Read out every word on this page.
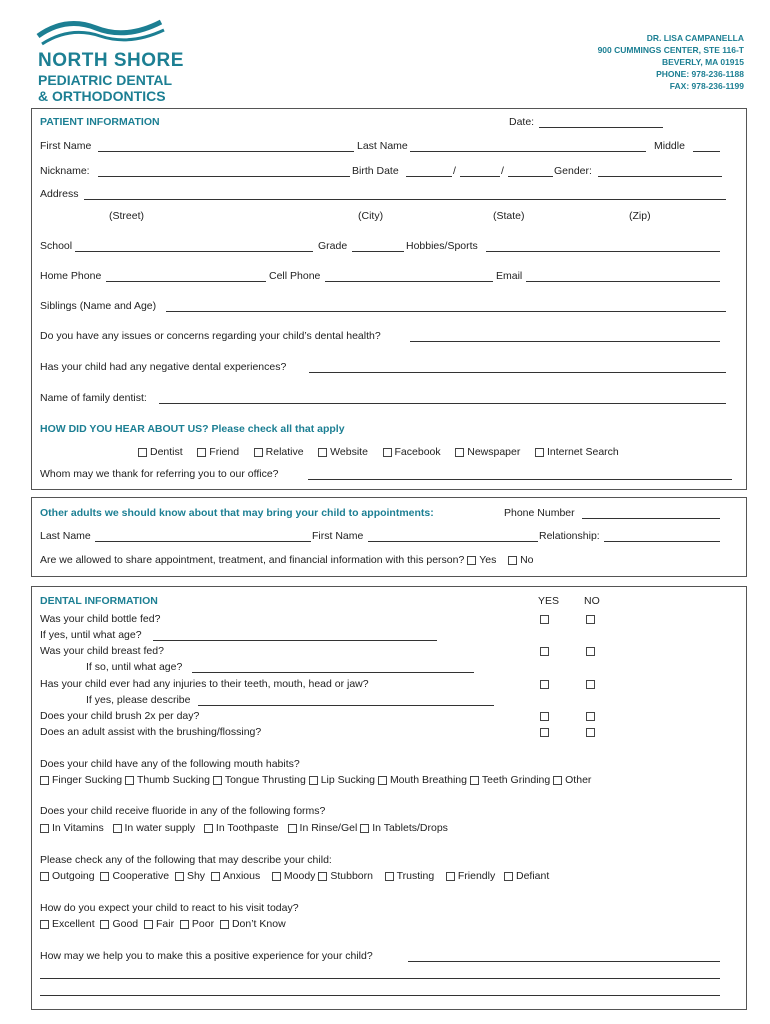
NORTH SHORE
PEDIATRIC DENTAL
& ORTHODONTICS
DR. LISA CAMPANELLA
900 CUMMINGS CENTER, STE 116-T
BEVERLY, MA 01915
PHONE: 978-236-1188
FAX: 978-236-1199
PATIENT INFORMATION	Date:
First Name	Last Name	Middle
Nickname:	Birth Date	/	/	Gender:
Address
(Street)	(City)	(State)	(Zip)
School	Grade	Hobbies/Sports
Home Phone	Cell Phone	Email
Siblings (Name and Age)
Do you have any issues or concerns regarding your child’s dental health?
Has your child had any negative dental experiences?
Name of family dentist:
HOW DID YOU HEAR ABOUT US? Please check all that apply
Dentist	Friend	Relative	Website	Facebook	Newspaper	Internet Search
Whom may we thank for referring you to our office?
Other adults we should know about that may bring your child to appointments:	Phone Number
Last Name	First Name	Relationship:
Are we allowed to share appointment, treatment, and financial information with this person? Yes No
DENTAL INFORMATION	YES NO
Was your child bottle fed?
If yes, until what age?
Was your child breast fed?
If so, until what age?
Has your child ever had any injuries to their teeth, mouth, head or jaw?
If yes, please describe
Does your child brush 2x per day?
Does an adult assist with the brushing/flossing?
Does your child have any of the following mouth habits?
Finger Sucking Thumb Sucking Tongue Thrusting Lip Sucking Mouth Breathing Teeth Grinding Other
Does your child receive fluoride in any of the following forms?
In Vitamins In water supply In Toothpaste In Rinse/Gel In Tablets/Drops
Please check any of the following that may describe your child:
Outgoing Cooperative Shy Anxious Moody Stubborn Trusting Friendly Defiant
How do you expect your child to react to his visit today?
Excellent Good Fair Poor Don’t Know
How may we help you to make this a positive experience for your child?
